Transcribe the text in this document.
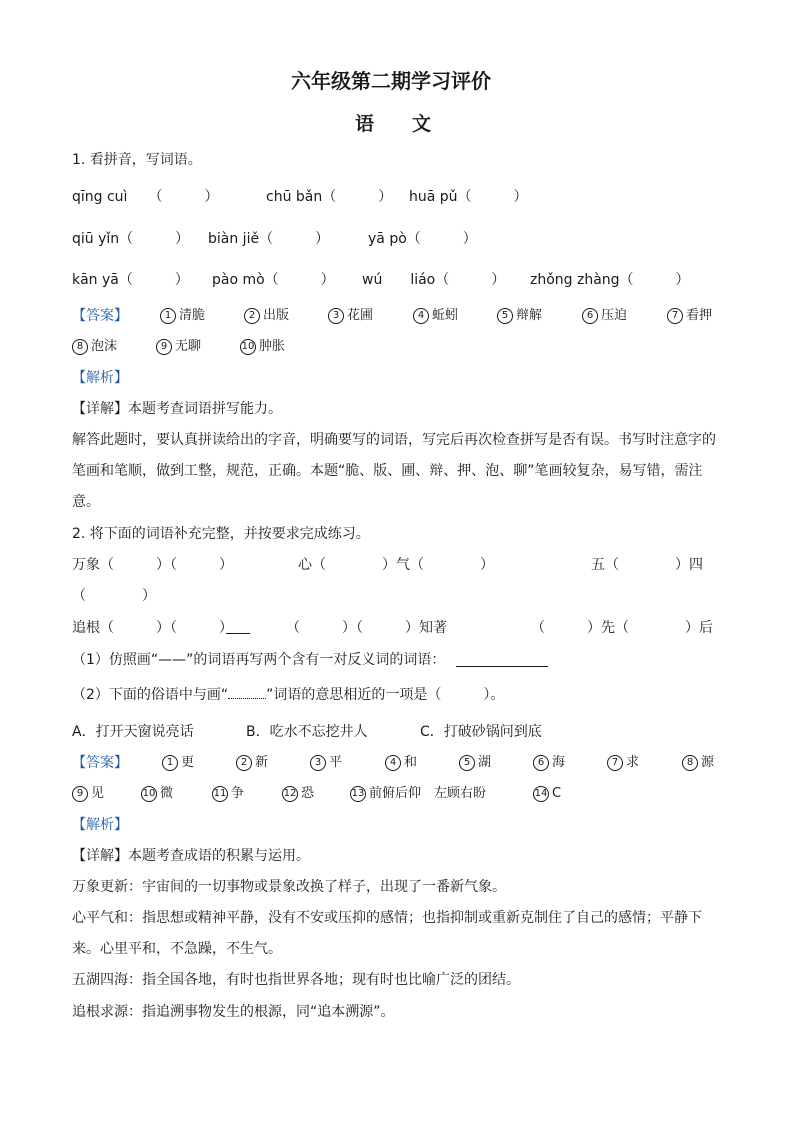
六年级第二期学习评价
语　　文
1. 看拼音，写词语。
qīng cuì　　（　　　）	chū bǎn（　　　） huā pǔ（　　　）
qiū yǐn（　　　） biàn jiě（　　　）	yā pò（　　　）
kān yā（　　　） pào mò（　　　） wú　　liáo（　　　） zhǒng zhàng（　　　）
【答案】	1 清脆	2 出版	3 花圃	4 蚯蚓	5 辩解	6 压迫	7 看押
8 泡沫	9 无聊	10 肿胀
【解析】
【详解】本题考查词语拼写能力。
解答此题时，要认真拼读给出的字音，明确要写的词语，写完后再次检查拼写是否有误。书写时注意字的
笔画和笔顺，做到工整，规范，正确。本题“脆、版、圃、辩、押、泡、聊”笔画较复杂，易写错，需注
意。
2. 将下面的词语补充完整，并按要求完成练习。
万象（　　　）（　　　）	心（　　　　）气（　　　　）	五（　　　　）四
（　　　　）
追根（　　　）（　　　）	（　　　）（　　　）知著	（　　　）先（　　　　）后
（1）仿照画“——”的词语再写两个含有一对反义词的词语：
（2）下面的俗语中与画“	”词语的意思相近的一项是（　　　）。
A．打开天窗说亮话	B．吃水不忘挖井人	C．打破砂锅问到底
【答案】	1 更	2 新	3 平	4 和	5 湖	6 海	7 求	8 源
9 见	10 微	11 争	12 恐	13 前俯后仰　左顾右盼	14 C
【解析】
【详解】本题考查成语的积累与运用。
万象更新：宇宙间的一切事物或景象改换了样子，出现了一番新气象。
心平气和：指思想或精神平静，没有不安或压抑的感情；也指抑制或重新克制住了自己的感情；平静下
来。心里平和，不急躁，不生气。
五湖四海：指全国各地，有时也指世界各地；现有时也比喻广泛的团结。
追根求源：指追溯事物发生的根源，同“追本溯源”。
